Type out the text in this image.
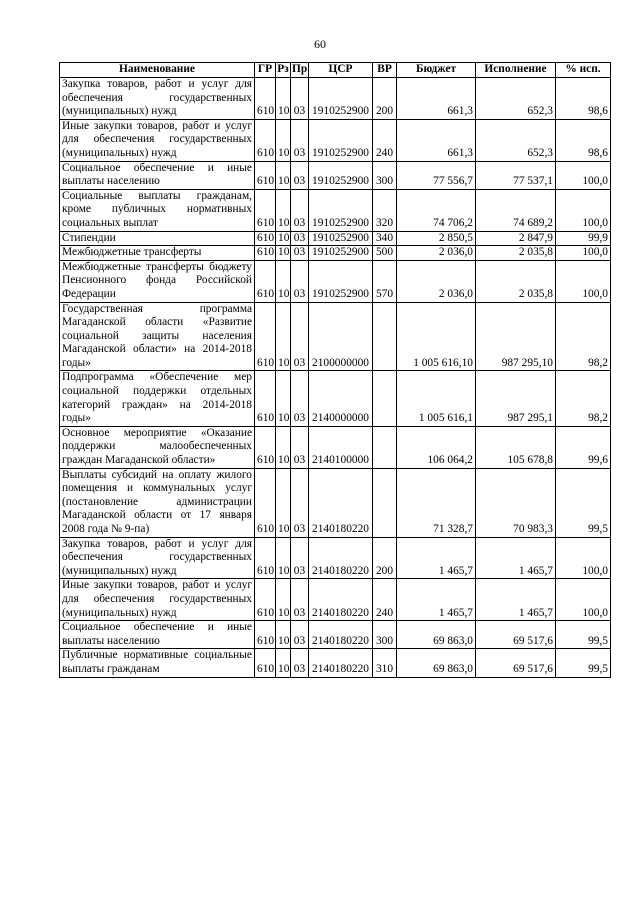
60
Наименование	ГР	Рз	Пр	ЦСР	ВР	Бюджет	Исполнение	% исп.
Закупка товаров, работ и услуг для обеспечения государственных (муниципальных) нужд	610	10	03	1910252900	200	661,3	652,3	98,6
Иные закупки товаров, работ и услуг для обеспечения государственных (муниципальных) нужд	610	10	03	1910252900	240	661,3	652,3	98,6
Социальное обеспечение и иные выплаты населению	610	10	03	1910252900	300	77 556,7	77 537,1	100,0
Социальные выплаты гражданам, кроме публичных нормативных социальных выплат	610	10	03	1910252900	320	74 706,2	74 689,2	100,0
Стипендии	610	10	03	1910252900	340	2 850,5	2 847,9	99,9
Межбюджетные трансферты	610	10	03	1910252900	500	2 036,0	2 035,8	100,0
Межбюджетные трансферты бюджету Пенсионного фонда Российской Федерации	610	10	03	1910252900	570	2 036,0	2 035,8	100,0
Государственная программа Магаданской области «Развитие социальной защиты населения Магаданской области» на 2014-2018 годы»	610	10	03	2100000000		1 005 616,10	987 295,10	98,2
Подпрограмма «Обеспечение мер социальной поддержки отдельных категорий граждан» на 2014-2018 годы»	610	10	03	2140000000		1 005 616,1	987 295,1	98,2
Основное мероприятие «Оказание поддержки малообеспеченных граждан Магаданской области»	610	10	03	2140100000		106 064,2	105 678,8	99,6
Выплаты субсидий на оплату жилого помещения и коммунальных услуг (постановление администрации Магаданской области от 17 января 2008 года № 9-па)	610	10	03	2140180220		71 328,7	70 983,3	99,5
Закупка товаров, работ и услуг для обеспечения государственных (муниципальных) нужд	610	10	03	2140180220	200	1 465,7	1 465,7	100,0
Иные закупки товаров, работ и услуг для обеспечения государственных (муниципальных) нужд	610	10	03	2140180220	240	1 465,7	1 465,7	100,0
Социальное обеспечение и иные выплаты населению	610	10	03	2140180220	300	69 863,0	69 517,6	99,5
Публичные нормативные социальные выплаты гражданам	610	10	03	2140180220	310	69 863,0	69 517,6	99,5
